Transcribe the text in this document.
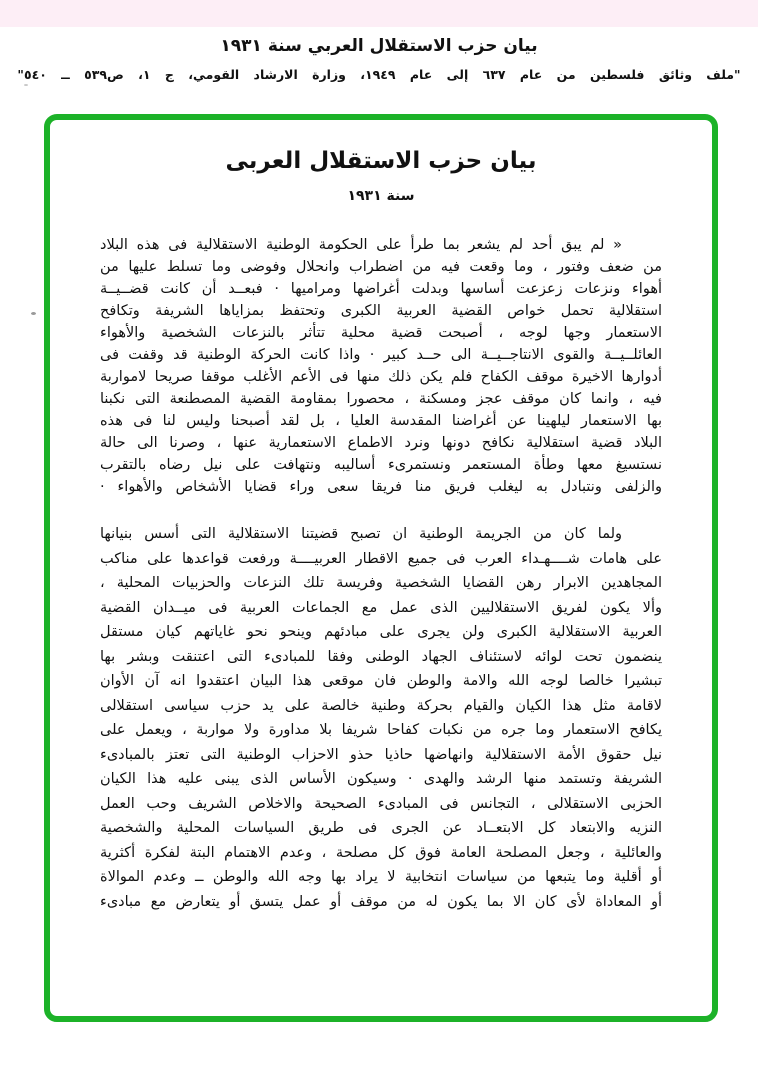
بيان حزب الاستقلال العربي سنة ١٩٣١
"ملف وثائق فلسطين من عام ٦٣٧ إلى عام ١٩٤٩، وزارة الارشاد القومي، ج ١، ص٥٣٩ ــ ٥٤٠"
بيان حزب الاستقلال العربى
سنة ١٩٣١
« لم يبق أحد لم يشعر بما طرأ على الحكومة الوطنية الاستقلالية فى هذه البلاد
من ضعف وفتور ، وما وقعت فيه من اضطراب وانحلال وفوضى وما تسلط عليها من
أهواء ونزعات زعزعت أساسها وبدلت أغراضها ومراميها · فبعــد أن كانت قضــيــة
استقلالية تحمل خواص القضية العربية الكبرى وتحتفظ بمزاياها الشريفة وتكافح
الاستعمار وجها لوجه ، أصبحت قضية محلية تتأثر بالنزعات الشخصية والأهواء
العائلــيــة والقوى الانتاجــيــة الى حــد كبير · واذا كانت الحركة الوطنية قد وقفت فى
أدوارها الاخيرة موقف الكفاح فلم يكن ذلك منها فى الأعم الأغلب موقفا صريحا لامواربة
فيه ، وانما كان موقف عجز ومسكنة ، محصورا بمقاومة القضية المصطنعة التى نكبنا
بها الاستعمار ليلهينا عن أغراضنا المقدسة العليا ، بل لقد أصبحنا وليس لنا فى هذه
البلاد قضية استقلالية نكافح دونها ونرد الاطماع الاستعمارية عنها ، وصرنا الى حالة
نستسيغ معها وطأة المستعمر ونستمرىء أساليبه ونتهافت على نيل رضاه بالتقرب
والزلفى ونتبادل به ليغلب فريق منا فريقا سعى وراء قضايا الأشخاص والأهواء ·
ولما كان من الجريمة الوطنية ان تصبح قضيتنا الاستقلالية التى أسس بنيانها
على هامات شــــهـداء العرب فى جميع الاقطار العربيــــة ورفعت قواعدها على مناكب
المجاهدين الابرار رهن القضايا الشخصية وفريسة تلك النزعات والحزبيات المحلية ،
وألا يكون لفريق الاستقلاليين الذى عمل مع الجماعات العربية فى ميــدان القضية
العربية الاستقلالية الكبرى ولن يجرى على مبادئهم وينحو نحو غاياتهم كيان مستقل
ينضمون تحت لوائه لاستئناف الجهاد الوطنى وفقا للمبادىء التى اعتنقت وبشر بها
تبشيرا خالصا لوجه الله والامة والوطن فان موقعى هذا البيان اعتقدوا انه آن الأوان
لاقامة مثل هذا الكيان والقيام بحركة وطنية خالصة على يد حزب سياسى استقلالى
يكافح الاستعمار وما جره من نكبات كفاحا شريفا بلا مداورة ولا مواربة ، ويعمل على
نيل حقوق الأمة الاستقلالية وانهاضها حاذيا حذو الاحزاب الوطنية التى تعتز بالمبادىء
الشريفة وتستمد منها الرشد والهدى · وسيكون الأساس الذى يبنى عليه هذا الكيان
الحزبى الاستقلالى ، التجانس فى المبادىء الصحيحة والاخلاص الشريف وحب العمل
النزيه والابتعاد كل الابتعــاد عن الجرى فى طريق السياسات المحلية والشخصية
والعائلية ، وجعل المصلحة العامة فوق كل مصلحة ، وعدم الاهتمام البتة لفكرة أكثرية
أو أقلية وما يتبعها من سياسات انتخابية لا يراد بها وجه الله والوطن ــ وعدم الموالاة
أو المعاداة لأى كان الا بما يكون له من موقف أو عمل يتسق أو يتعارض مع مبادىء
